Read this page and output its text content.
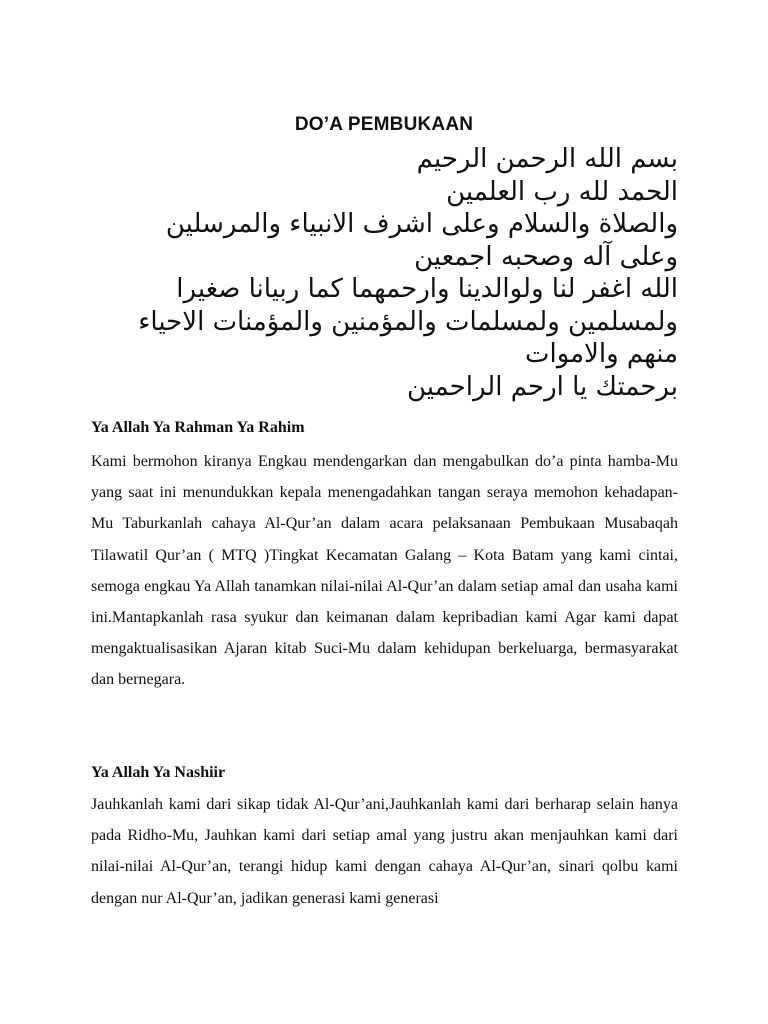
DO’A PEMBUKAAN
بسم الله الرحمن الرحيم
الحمد لله رب العلمين
والصلاة والسلام وعلى اشرف الانبياء والمرسلين
وعلى آله وصحبه اجمعين
الله اغفر لنا ولوالدينا وارحمهما كما ربيانا صغيرا
ولمسلمين ولمسلمات والمؤمنين والمؤمنات الاحياء
منهم والاموات
برحمتك يا ارحم الراحمين
Ya Allah Ya Rahman Ya Rahim
Kami bermohon kiranya Engkau mendengarkan dan mengabulkan do’a pinta hamba-Mu yang saat ini menundukkan kepala menengadahkan tangan seraya memohon kehadapan-Mu Taburkanlah cahaya Al-Qur’an dalam acara pelaksanaan Pembukaan Musabaqah Tilawatil Qur’an ( MTQ )Tingkat Kecamatan Galang – Kota Batam yang kami cintai, semoga engkau Ya Allah tanamkan nilai-nilai Al-Qur’an dalam setiap amal dan usaha kami ini.Mantapkanlah rasa syukur dan keimanan dalam kepribadian kami Agar kami dapat mengaktualisasikan Ajaran kitab Suci-Mu dalam kehidupan berkeluarga, bermasyarakat dan bernegara.
Ya Allah Ya Nashiir
Jauhkanlah kami dari sikap tidak Al-Qur’ani,Jauhkanlah kami dari berharap selain hanya pada Ridho-Mu, Jauhkan kami dari setiap amal yang justru akan menjauhkan kami dari nilai-nilai Al-Qur’an, terangi hidup kami dengan cahaya Al-Qur’an, sinari qolbu kami dengan nur Al-Qur’an, jadikan generasi kami generasi
